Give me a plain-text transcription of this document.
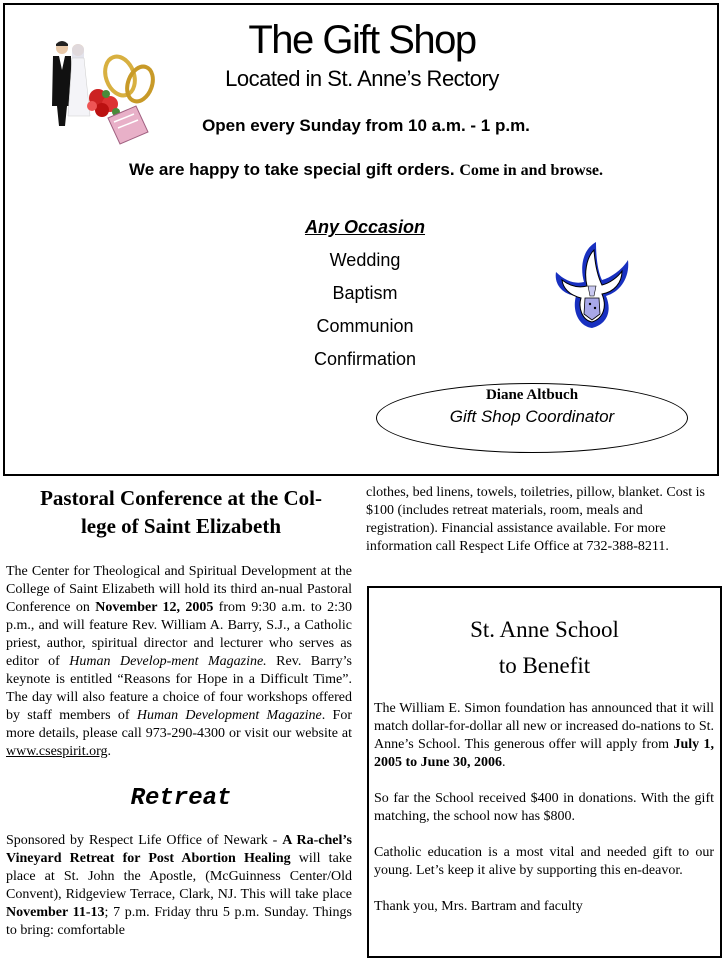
The Gift Shop
Located in St. Anne’s Rectory
Open every Sunday from 10 a.m. - 1 p.m.
We are happy to take special gift orders. Come in and browse.
Any Occasion
Wedding
Baptism
Communion
Confirmation
Diane Altbuch
Gift Shop Coordinator
Pastoral Conference at the Col-
lege of Saint Elizabeth

The Center for Theological and Spiritual Development at the College of Saint Elizabeth will hold its third an-nual Pastoral Conference on November 12, 2005 from 9:30 a.m. to 2:30 p.m., and will feature Rev. William A. Barry, S.J., a Catholic priest, author, spiritual director and lecturer who serves as editor of Human Develop-ment Magazine. Rev. Barry’s keynote is entitled “Reasons for Hope in a Difficult Time”. The day will also feature a choice of four workshops offered by staff members of Human Development Magazine. For more details, please call 973-290-4300 or visit our website at www.csespirit.org.

Retreat

Sponsored by Respect Life Office of Newark - A Ra-chel’s Vineyard Retreat for Post Abortion Healing will take place at St. John the Apostle, (McGuinness Center/Old Convent), Ridgeview Terrace, Clark, NJ. This will take place November 11-13; 7 p.m. Friday thru 5 p.m. Sunday. Things to bring: comfortable

clothes, bed linens, towels, toiletries, pillow, blanket. Cost is $100 (includes retreat materials, room, meals and registration). Financial assistance available. For more information call Respect Life Office at 732-388-8211.

St. Anne School
to Benefit

The William E. Simon foundation has announced that it will match dollar-for-dollar all new or increased do-nations to St. Anne’s School. This generous offer will apply from July 1, 2005 to June 30, 2006.

So far the School received $400 in donations. With the gift matching, the school now has $800.

Catholic education is a most vital and needed gift to our young. Let’s keep it alive by supporting this en-deavor.

Thank you, Mrs. Bartram and faculty
